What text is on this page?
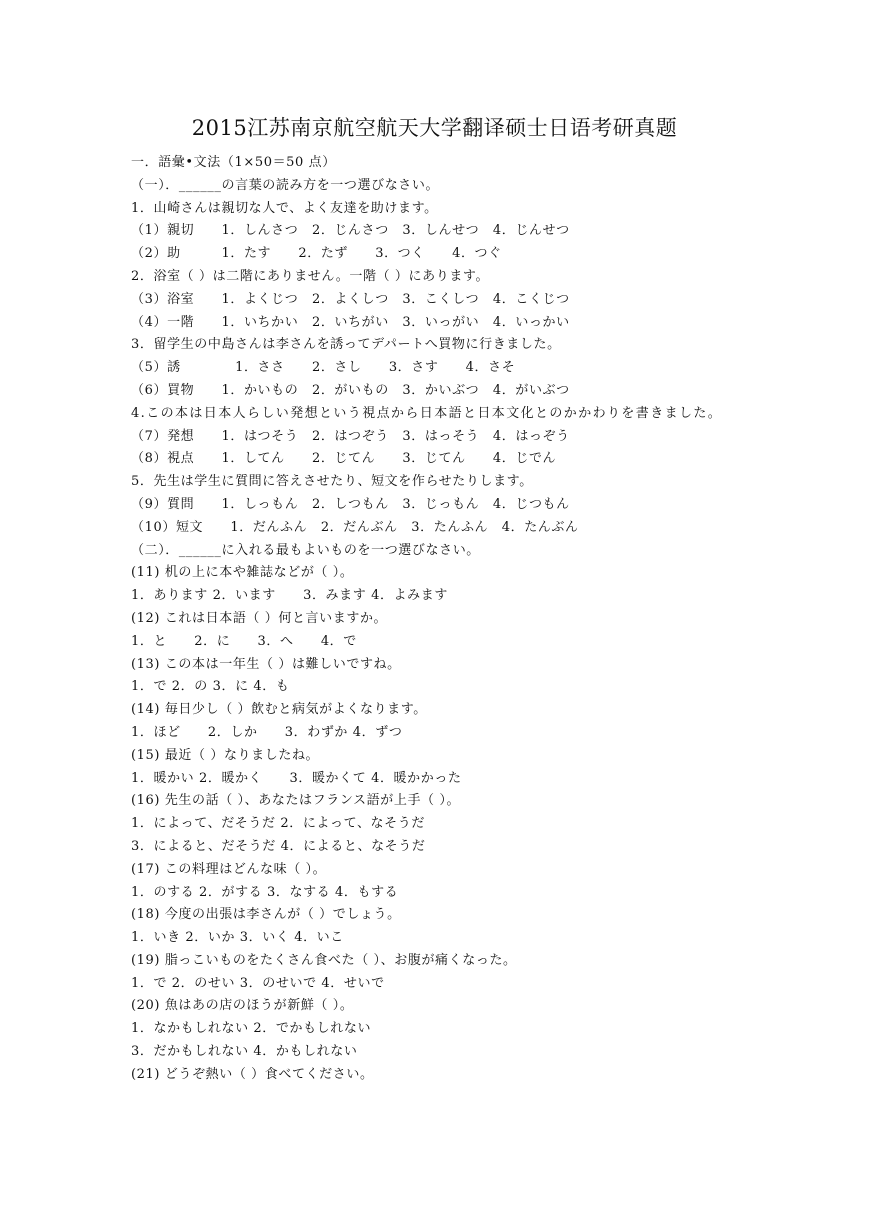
2015江苏南京航空航天大学翻译硕士日语考研真题
一．語彙•文法（1×50＝50 点）
（一）．______の言葉の読み方を一つ選びなさい。
1．山崎さんは親切な人で、よく友達を助けます。
（1）親切　　1．しんさつ　2．じんさつ　3．しんせつ　4．じんせつ
（2）助　　　1．たす　　2．たず　　3．つく　　4．つぐ
2．浴室（ ）は二階にありません。一階（ ）にあります。
（3）浴室　　1．よくじつ　2．よくしつ　3．こくしつ　4．こくじつ
（4）一階　　1．いちかい　2．いちがい　3．いっがい　4．いっかい
3．留学生の中島さんは李さんを誘ってデパートへ買物に行きました。
（5）誘　　　　1．ささ　　2．さし　　3．さす　　4．さそ
（6）買物　　1．かいもの　2．がいもの　3．かいぶつ　4．がいぶつ
4.この本は日本人らしい発想という視点から日本語と日本文化とのかかわりを書きました。
（7）発想　　1．はつそう　2．はつぞう　3．はっそう　4．はっぞう
（8）視点　　1．してん　　2．じてん　　3．じてん　　4．じでん
5．先生は学生に質問に答えさせたり、短文を作らせたりします。
（9）質問　　1．しっもん　2．しつもん　3．じっもん　4．じつもん
（10）短文　　1．だんふん　2．だんぶん　3．たんふん　4．たんぶん
（二）．______に入れる最もよいものを一つ選びなさい。
(11) 机の上に本や雑誌などが（ ）。
1．あります 2．います　　3．みます 4．よみます
(12) これは日本語（ ）何と言いますか。
1．と　　2．に　　3．へ　　4．で
(13) この本は一年生（ ）は難しいですね。
1．で 2．の 3．に 4．も
(14) 毎日少し（ ）飲むと病気がよくなります。
1．ほど　　2．しか　　3．わずか 4．ずつ
(15) 最近（ ）なりましたね。
1．暖かい 2．暖かく　　3．暖かくて 4．暖かかった
(16) 先生の話（ ）、あなたはフランス語が上手（ ）。
1．によって、だそうだ 2．によって、なそうだ
3．によると、だそうだ 4．によると、なそうだ
(17) この料理はどんな味（ ）。
1．のする 2．がする 3．なする 4．もする
(18) 今度の出張は李さんが（ ）でしょう。
1．いき 2．いか 3．いく 4．いこ
(19) 脂っこいものをたくさん食べた（ ）、お腹が痛くなった。
1．で 2．のせい 3．のせいで 4．せいで
(20) 魚はあの店のほうが新鮮（ ）。
1．なかもしれない 2．でかもしれない
3．だかもしれない 4．かもしれない
(21) どうぞ熱い（ ）食べてください。
